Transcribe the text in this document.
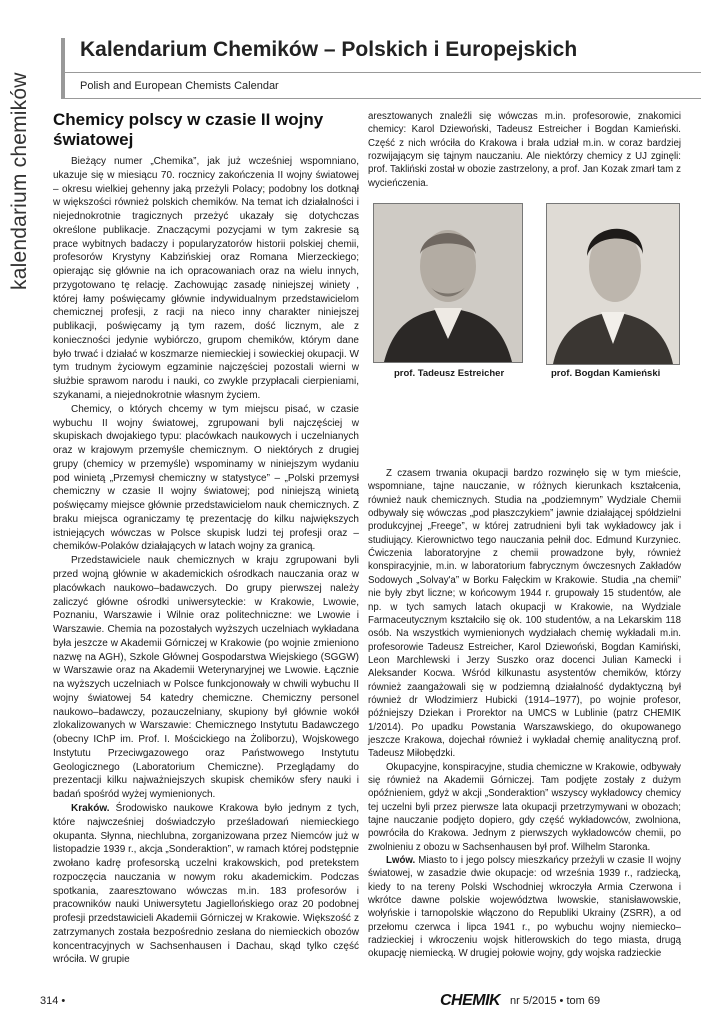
kalendarium chemików
Kalendarium Chemików – Polskich i Europejskich
Polish and European Chemists Calendar
Chemicy polscy w czasie II wojny światowej

Bieżący numer „Chemika”, jak już wcześniej wspomniano, ukazuje się w miesiącu 70. rocznicy zakończenia II wojny światowej – okresu wielkiej gehenny jaką przeżyli Polacy; podobny los dotknął w większości również polskich chemików. Na temat ich działalności i niejednokrotnie tragicznych przeżyć ukazały się dotychczas określone publikacje. Znaczącymi pozycjami w tym zakresie są prace wybitnych badaczy i popularyzatorów historii polskiej chemii, profesorów Krystyny Kabzińskiej oraz Romana Mierzeckiego; opierając się głównie na ich opracowaniach oraz na wielu innych, przygotowano tę relację. Zachowując zasadę niniejszej winiety , której łamy poświęcamy głównie indywidualnym przedstawicielom chemicznej profesji, z racji na nieco inny charakter niniejszej publikacji, poświęcamy ją tym razem, dość licznym, ale z konieczności jedynie wybiórczo, grupom chemików, którym dane było trwać i działać w koszmarze niemieckiej i sowieckiej okupacji. W tym trudnym życiowym egzaminie najczęściej pozostali wierni w służbie sprawom narodu i nauki, co zwykle przypłacali cierpieniami, szykanami, a niejednokrotnie własnym życiem.

Chemicy, o których chcemy w tym miejscu pisać, w czasie wybuchu II wojny światowej, zgrupowani byli najczęściej w skupiskach dwojakiego typu: placówkach naukowych i uczelnianych oraz w krajowym przemyśle chemicznym. O niektórych z drugiej grupy (chemicy w przemyśle) wspominamy w niniejszym wydaniu pod winietą „Przemysł chemiczny w statystyce” – „Polski przemysł chemiczny w czasie II wojny światowej; pod niniejszą winietą poświęcamy miejsce głównie przedstawicielom nauk chemicznych. Z braku miejsca ograniczamy tę prezentację do kilku największych istniejących wówczas w Polsce skupisk ludzi tej profesji oraz – chemików-Polaków działających w latach wojny za granicą.

Przedstawiciele nauk chemicznych w kraju zgrupowani byli przed wojną głównie w akademickich ośrodkach nauczania oraz w placówkach naukowo–badawczych. Do grupy pierwszej należy zaliczyć główne ośrodki uniwersyteckie: w Krakowie, Lwowie, Poznaniu, Warszawie i Wilnie oraz politechniczne: we Lwowie i Warszawie. Chemia na pozostałych wyższych uczelniach wykładana była jeszcze w Akademii Górniczej w Krakowie (po wojnie zmieniono nazwę na AGH), Szkole Głównej Gospodarstwa Wiejskiego (SGGW) w Warszawie oraz na Akademii Weterynaryjnej we Lwowie. Łącznie na wyższych uczelniach w Polsce funkcjonowały w chwili wybuchu II wojny światowej 54 katedry chemiczne. Chemiczny personel naukowo–badawczy, pozauczelniany, skupiony był głównie wokół zlokalizowanych w Warszawie: Chemicznego Instytutu Badawczego (obecny IChP im. Prof. I. Mościckiego na Żoliborzu), Wojskowego Instytutu Przeciwgazowego oraz Państwowego Instytutu Geologicznego (Laboratorium Chemiczne). Przeglądamy do prezentacji kilku najważniejszych skupisk chemików sfery nauki i badań spośród wyżej wymienionych.

Kraków. Środowisko naukowe Krakowa było jednym z tych, które najwcześniej doświadczyło prześladowań niemieckiego okupanta. Słynna, niechlubna, zorganizowana przez Niemców już w listopadzie 1939 r., akcja „Sonderaktion”, w ramach której podstępnie zwołano kadrę profesorską uczelni krakowskich, pod pretekstem rozpoczęcia nauczania w nowym roku akademickim. Podczas spotkania, zaaresztowano wówczas m.in. 183 profesorów i pracowników nauki Uniwersytetu Jagiellońskiego oraz 20 podobnej profesji przedstawicieli Akademii Górniczej w Krakowie. Większość z zatrzymanych została bezpośrednio zesłana do niemieckich obozów koncentracyjnych w Sachsenhausen i Dachau, skąd tylko część wróciła. W grupie

aresztowanych znaleźli się wówczas m.in. profesorowie, znakomici chemicy: Karol Dziewoński, Tadeusz Estreicher i Bogdan Kamieński. Część z nich wróciła do Krakowa i brała udział m.in. w coraz bardziej rozwijającym się tajnym nauczaniu. Ale niektórzy chemicy z UJ zginęli: prof. Takliński został w obozie zastrzelony, a prof. Jan Kozak zmarł tam z wycieńczenia.

Z czasem trwania okupacji bardzo rozwinęło się w tym mieście, wspomniane, tajne nauczanie, w różnych kierunkach kształcenia, również nauk chemicznych. Studia na „podziemnym” Wydziale Chemii odbywały się wówczas „pod płaszczykiem” jawnie działającej spółdzielni produkcyjnej „Freege”, w której zatrudnieni byli tak wykładowcy jak i studiujący. Kierownictwo tego nauczania pełnił doc. Edmund Kurzyniec. Ćwiczenia laboratoryjne z chemii prowadzone były, również konspiracyjnie, m.in. w laboratorium fabrycznym ówczesnych Zakładów Sodowych „Solvay'a” w Borku Fałęckim w Krakowie. Studia „na chemii” nie były zbyt liczne; w końcowym 1944 r. grupowały 15 studentów, ale np. w tych samych latach okupacji w Krakowie, na Wydziale Farmaceutycznym kształciło się ok. 100 studentów, a na Lekarskim 118 osób. Na wszystkich wymienionych wydziałach chemię wykładali m.in. profesorowie Tadeusz Estreicher, Karol Dziewoński, Bogdan Kamiński, Leon Marchlewski i Jerzy Suszko oraz docenci Julian Kamecki i Aleksander Kocwa. Wśród kilkunastu asystentów chemików, którzy również zaangażowali się w podziemną działalność dydaktyczną był również dr Włodzimierz Hubicki (1914–1977), po wojnie profesor, późniejszy Dziekan i Prorektor na UMCS w Lublinie (patrz CHEMIK 1/2014). Po upadku Powstania Warszawskiego, do okupowanego jeszcze Krakowa, dojechał również i wykładał chemię analityczną prof. Tadeusz Miłobędzki.

Okupacyjne, konspiracyjne, studia chemiczne w Krakowie, odbywały się również na Akademii Górniczej. Tam podjęte zostały z dużym opóźnieniem, gdyż w akcji „Sonderaktion” wszyscy wykładowcy chemicy tej uczelni byli przez pierwsze lata okupacji przetrzymywani w obozach; tajne nauczanie podjęto dopiero, gdy część wykładowców, zwolniona, powróciła do Krakowa. Jednym z pierwszych wykładowców chemii, po zwolnieniu z obozu w Sachsenhausen był prof. Wilhelm Staronka.

Lwów. Miasto to i jego polscy mieszkańcy przeżyli w czasie II wojny światowej, w zasadzie dwie okupacje: od września 1939 r., radziecką, kiedy to na tereny Polski Wschodniej wkroczyła Armia Czerwona i wkrótce dawne polskie województwa lwowskie, stanisławowskie, wołyńskie i tarnopolskie włączono do Republiki Ukrainy (ZSRR), a od przełomu czerwca i lipca 1941 r., po wybuchu wojny niemiecko–radzieckiej i wkroczeniu wojsk hitlerowskich do tego miasta, drugą okupację niemiecką. W drugiej połowie wojny, gdy wojska radzieckie

prof. Tadeusz Estreicher	prof. Bogdan Kamieński
314 •	CHEMIK nr 5/2015 • tom 69
